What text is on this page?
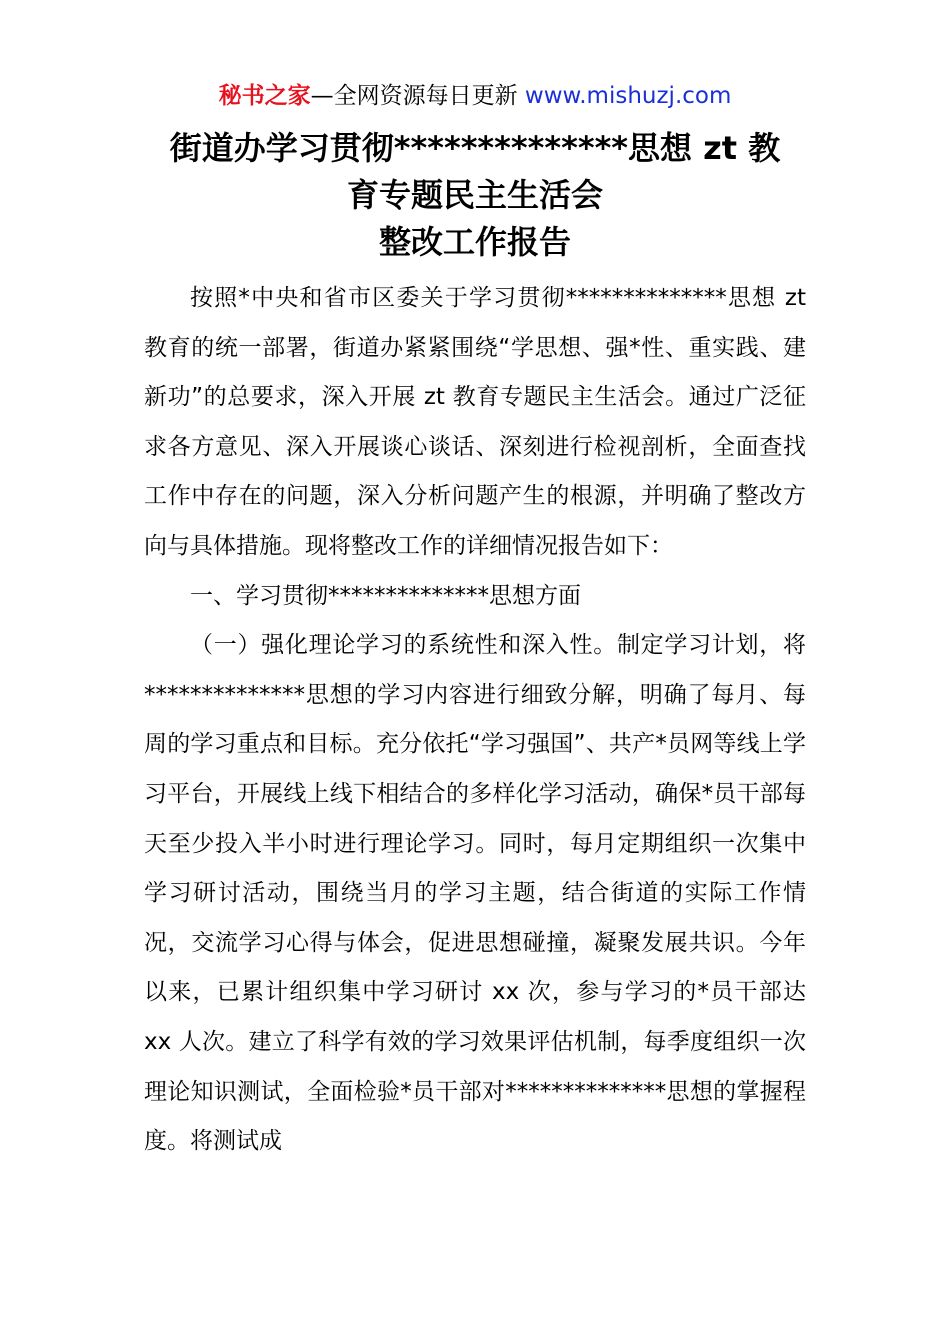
秘书之家—全网资源每日更新 www.mishuzj.com
街道办学习贯彻**************思想 zt 教
育专题民主生活会
整改工作报告

按照*中央和省市区委关于学习贯彻**************思想 zt 教育的统一部署，街道办紧紧围绕“学思想、强*性、重实践、建新功”的总要求，深入开展 zt 教育专题民主生活会。通过广泛征求各方意见、深入开展谈心谈话、深刻进行检视剖析，全面查找工作中存在的问题，深入分析问题产生的根源，并明确了整改方向与具体措施。现将整改工作的详细情况报告如下：

一、学习贯彻**************思想方面

（一）强化理论学习的系统性和深入性。制定学习计划，将**************思想的学习内容进行细致分解，明确了每月、每周的学习重点和目标。充分依托“学习强国”、共产*员网等线上学习平台，开展线上线下相结合的多样化学习活动，确保*员干部每天至少投入半小时进行理论学习。同时，每月定期组织一次集中学习研讨活动，围绕当月的学习主题，结合街道的实际工作情况，交流学习心得与体会，促进思想碰撞，凝聚发展共识。今年以来，已累计组织集中学习研讨 xx 次，参与学习的*员干部达 xx 人次。建立了科学有效的学习效果评估机制，每季度组织一次理论知识测试，全面检验*员干部对**************思想的掌握程度。将测试成
